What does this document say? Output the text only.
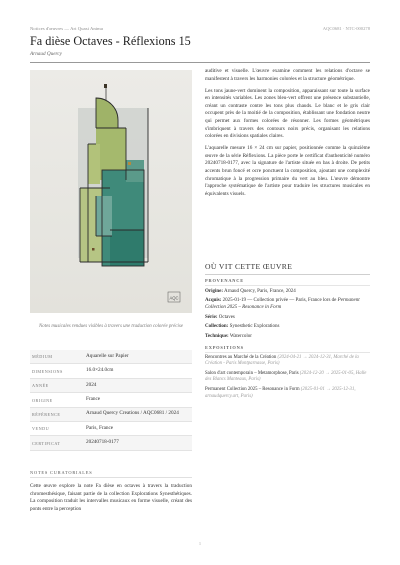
Notices d'œuvres — Art Quasi Anima	AQC0681 · NTC-000278
Fa dièse Octaves - Réflexions 15
Arnaud Quercy
AQC
Notes musicales rendues visibles à travers une traduction colorée précise
MÉDIUM	Aquarelle sur Papier
DIMENSIONS	16.0×24.0cm
ANNÉE	2024
ORIGINE	France
RÉFÉRENCE	Arnaud Quercy Creations / AQC0681 / 2024
VENDU	Paris, France
CERTIFICAT	20240718-0177
NOTES CURATORIALES

Cette œuvre explore la note Fa dièse en octaves à travers la traduction chromesthésique, faisant partie de la collection Explorations Synesthétiques. La composition traduit les intervalles musicaux en forme visuelle, créant des ponts entre la perception

auditive et visuelle. L'œuvre examine comment les relations d'octave se manifestent à travers les harmonies colorées et la structure géométrique.

Les tons jaune-vert dominent la composition, apparaissant sur toute la surface en intensités variables. Les zones bleu-vert offrent une présence substantielle, créant un contraste contre les tons plus chauds. Le blanc et le gris clair occupent près de la moitié de la composition, établissant une fondation neutre qui permet aux formes colorées de résonner. Les formes géométriques s'imbriquent à travers des contours noirs précis, organisant les relations colorées en divisions spatiales claires.

L'aquarelle mesure 16 × 24 cm sur papier, positionnée comme la quinzième œuvre de la série Réflexions. La pièce porte le certificat d'authenticité numéro 20240718-0177, avec la signature de l'artiste située en bas à droite. De petits accents brun foncé et ocre ponctuent la composition, ajoutant une complexité chromatique à la progression primaire du vert au bleu. L'œuvre démontre l'approche systématique de l'artiste pour traduire les structures musicales en équivalents visuels.

OÙ VIT CETTE ŒUVRE
PROVENANCE
Origine: Arnaud Quercy, Paris, France, 2024
Acquis: 2025-01-19 — Collection privée — Paris, France lors de Permanent Collection 2025 – Resonance in Form
Série: Octaves
Collection: Synesthetic Explorations
Technique: Watercolor
EXPOSITIONS
Rencontres au Marché de la Création (2024-04-21 → 2024-12-31, Marché de la Création - Paris Montparnasse, Paris)
Salon d'art contemporain – Metamorphose, Paris (2024-12-20 → 2025-01-05, Halle des Blancs Manteaux, Paris)
Permanent Collection 2025 – Resonance in Form (2025-01-01 → 2025-12-31, arnaudquercy.art, Paris)
1
